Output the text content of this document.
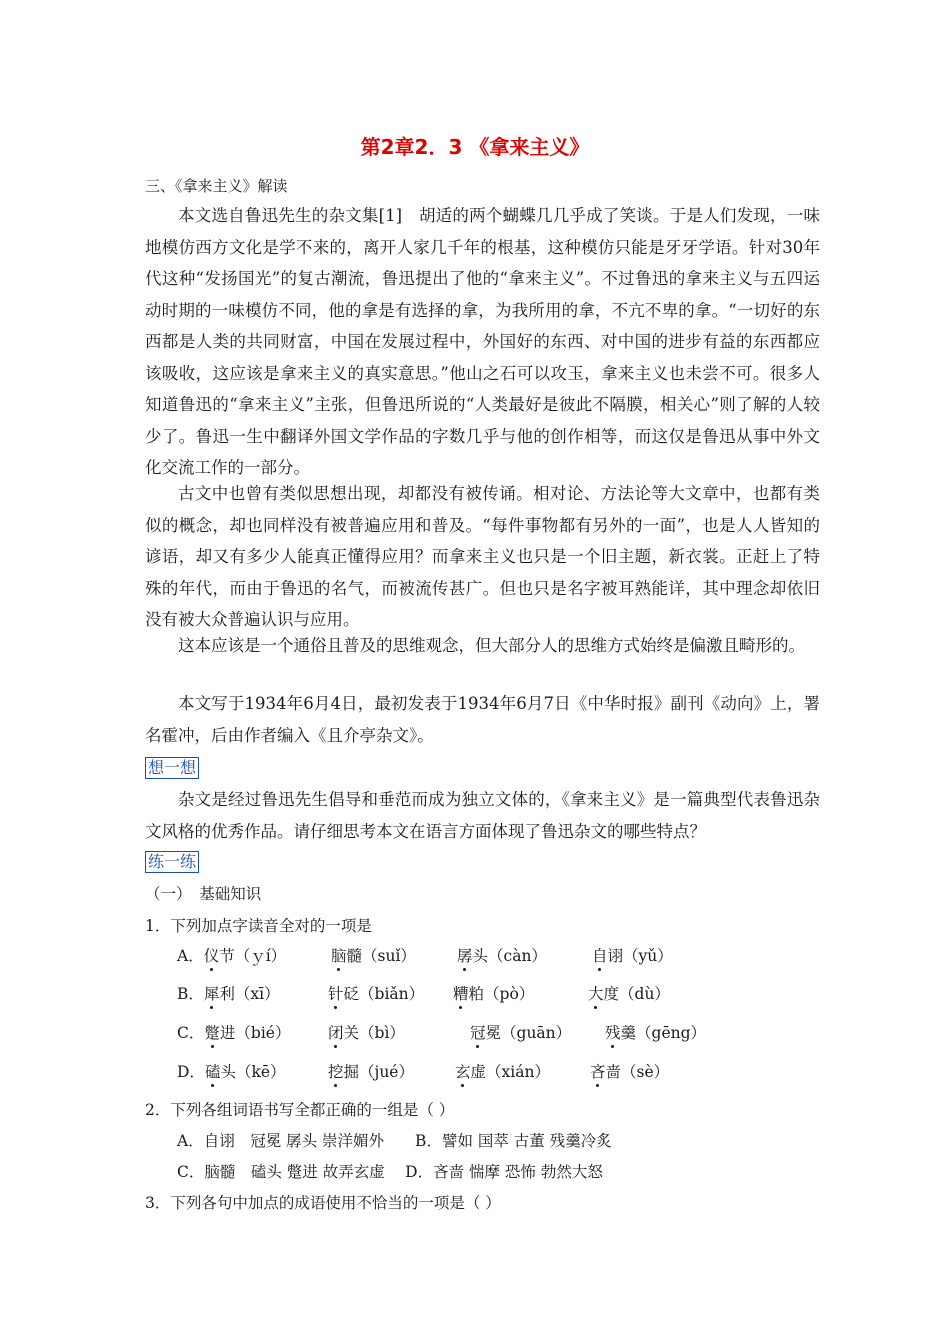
第2章2．3 《拿来主义》
三、《拿来主义》解读
本文选自鲁迅先生的杂文集[1]　胡适的两个蝴蝶几几乎成了笑谈。于是人们发现，一味地模仿西方文化是学不来的，离开人家几千年的根基，这种模仿只能是牙牙学语。针对30年代这种“发扬国光”的复古潮流，鲁迅提出了他的“拿来主义”。不过鲁迅的拿来主义与五四运动时期的一味模仿不同，他的拿是有选择的拿，为我所用的拿，不亢不卑的拿。“一切好的东西都是人类的共同财富，中国在发展过程中，外国好的东西、对中国的进步有益的东西都应该吸收，这应该是拿来主义的真实意思。”他山之石可以攻玉，拿来主义也未尝不可。很多人知道鲁迅的“拿来主义”主张，但鲁迅所说的“人类最好是彼此不隔膜，相关心”则了解的人较少了。鲁迅一生中翻译外国文学作品的字数几乎与他的创作相等，而这仅是鲁迅从事中外文化交流工作的一部分。
古文中也曾有类似思想出现，却都没有被传诵。相对论、方法论等大文章中，也都有类似的概念，却也同样没有被普遍应用和普及。“每件事物都有另外的一面”，也是人人皆知的谚语，却又有多少人能真正懂得应用？而拿来主义也只是一个旧主题，新衣裳。正赶上了特殊的年代，而由于鲁迅的名气，而被流传甚广。但也只是名字被耳熟能详，其中理念却依旧没有被大众普遍认识与应用。
这本应该是一个通俗且普及的思维观念，但大部分人的思维方式始终是偏激且畸形的。
本文写于1934年6月4日，最初发表于1934年6月7日《中华时报》副刊《动向》上，署名霍冲，后由作者编入《且介亭杂文》。
想一想
杂文是经过鲁迅先生倡导和垂范而成为独立文体的，《拿来主义》是一篇典型代表鲁迅杂文风格的优秀作品。请仔细思考本文在语言方面体现了鲁迅杂文的哪些特点？
练一练
（一）　基础知识
1．下列加点字读音全对的一项是
A．仪节（ｙí）	脑髓（suǐ）	孱头（càn）	自诩（yǔ）
B．犀利（xī）	针砭（biǎn） 糟粕（pò）	大度（dù）
C．蹩进（bié） 闭关（bì）	冠冕（guān） 残羹（gēng）
D．磕头（kē）	挖掘（jué）	玄虚（xián）	吝啬（sè）
2．下列各组词语书写全都正确的一组是（ ）
A．自诩　冠冕 孱头 崇洋媚外　　B．譬如 国萃 古董 残羹冷炙
C．脑髓　磕头 蹩进 故弄玄虚　 D．吝啬 惴摩 恐怖 勃然大怒
3．下列各句中加点的成语使用不恰当的一项是（ ）
